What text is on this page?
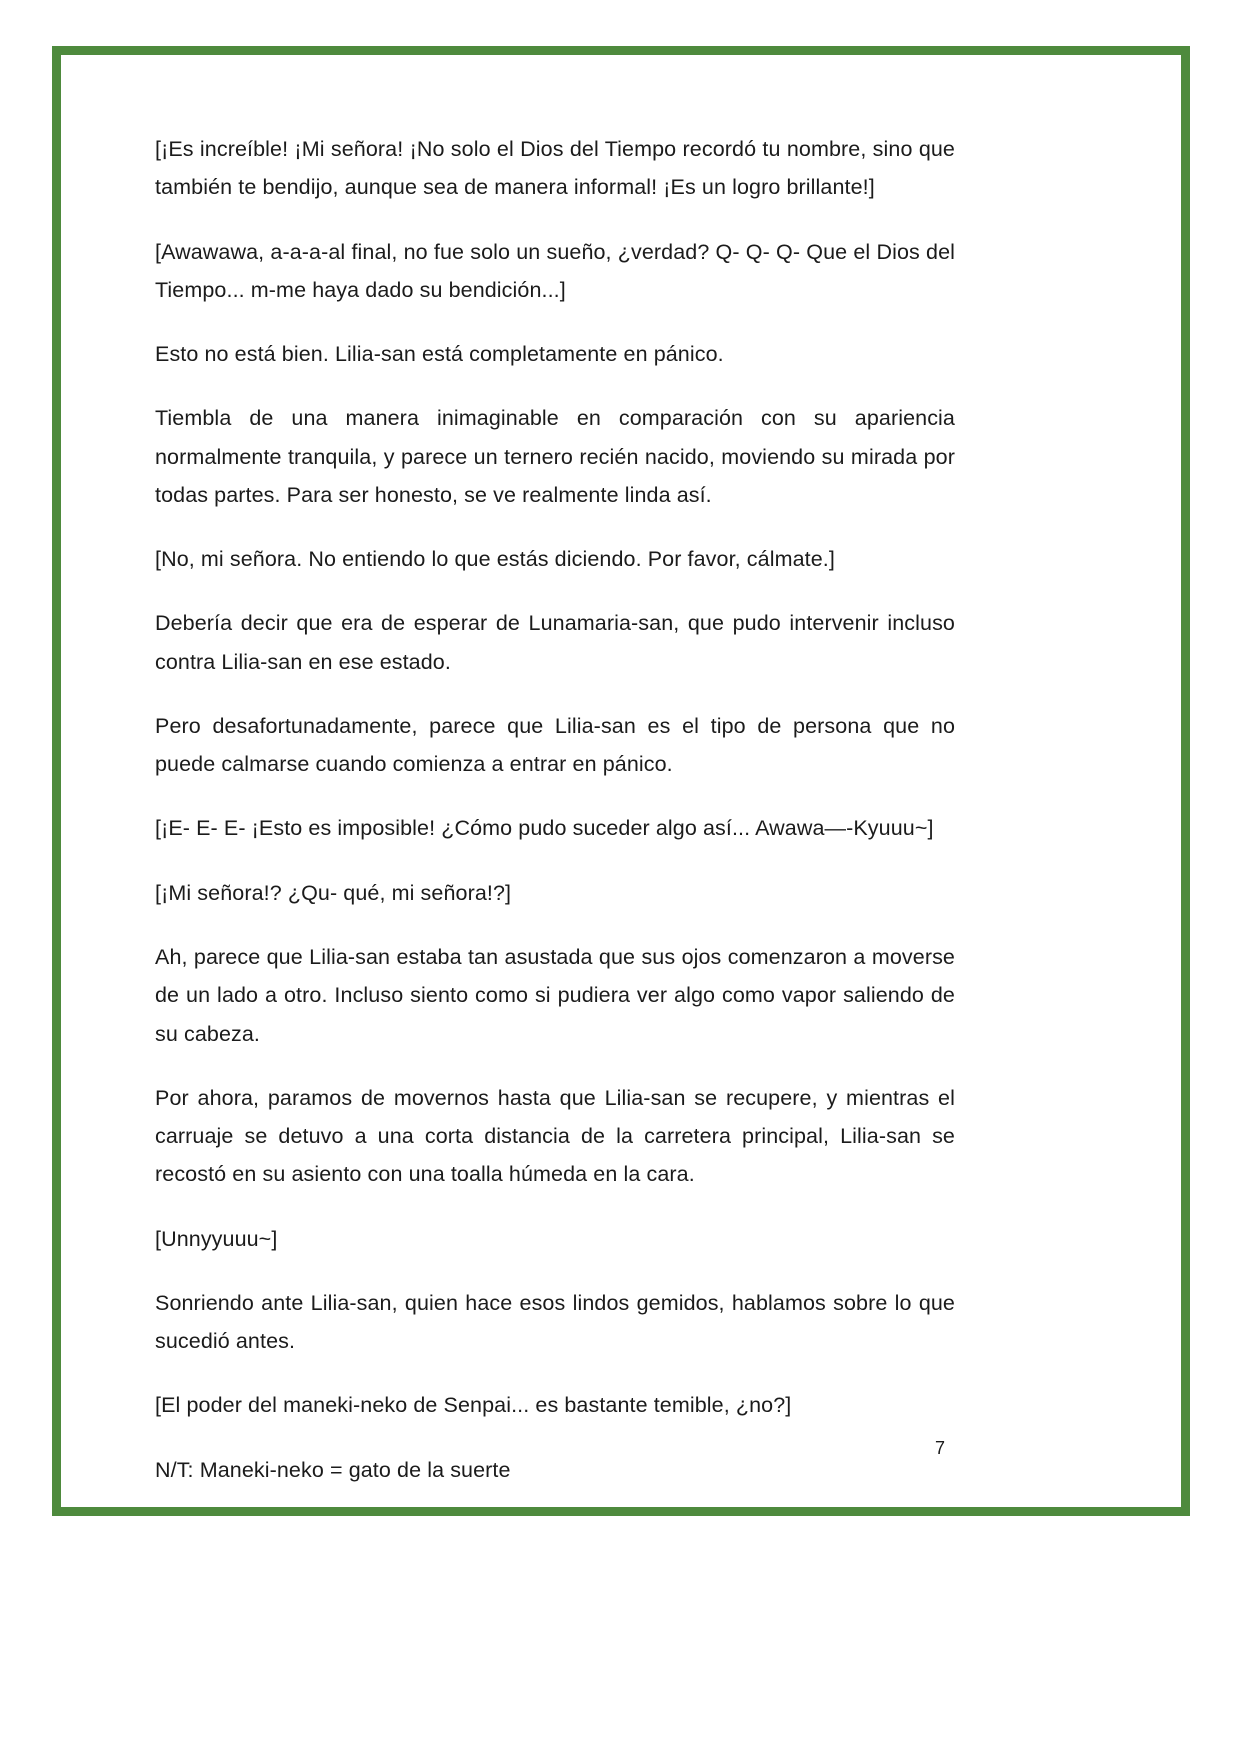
[¡Es increíble! ¡Mi señora! ¡No solo el Dios del Tiempo recordó tu nombre, sino que también te bendijo, aunque sea de manera informal! ¡Es un logro brillante!]

[Awawawa, a-a-a-al final, no fue solo un sueño, ¿verdad? Q- Q- Q- Que el Dios del Tiempo... m-me haya dado su bendición...]

Esto no está bien. Lilia-san está completamente en pánico.

Tiembla de una manera inimaginable en comparación con su apariencia normalmente tranquila, y parece un ternero recién nacido, moviendo su mirada por todas partes. Para ser honesto, se ve realmente linda así.

[No, mi señora. No entiendo lo que estás diciendo. Por favor, cálmate.]

Debería decir que era de esperar de Lunamaria-san, que pudo intervenir incluso contra Lilia-san en ese estado.

Pero desafortunadamente, parece que Lilia-san es el tipo de persona que no puede calmarse cuando comienza a entrar en pánico.

[¡E- E- E- ¡Esto es imposible! ¿Cómo pudo suceder algo así... Awawa—-Kyuuu~]

[¡Mi señora!? ¿Qu- qué, mi señora!?]

Ah, parece que Lilia-san estaba tan asustada que sus ojos comenzaron a moverse de un lado a otro. Incluso siento como si pudiera ver algo como vapor saliendo de su cabeza.

Por ahora, paramos de movernos hasta que Lilia-san se recupere, y mientras el carruaje se detuvo a una corta distancia de la carretera principal, Lilia-san se recostó en su asiento con una toalla húmeda en la cara.

[Unnyyuuu~]

Sonriendo ante Lilia-san, quien hace esos lindos gemidos, hablamos sobre lo que sucedió antes.

[El poder del maneki-neko de Senpai... es bastante temible, ¿no?]

N/T: Maneki-neko = gato de la suerte

7
